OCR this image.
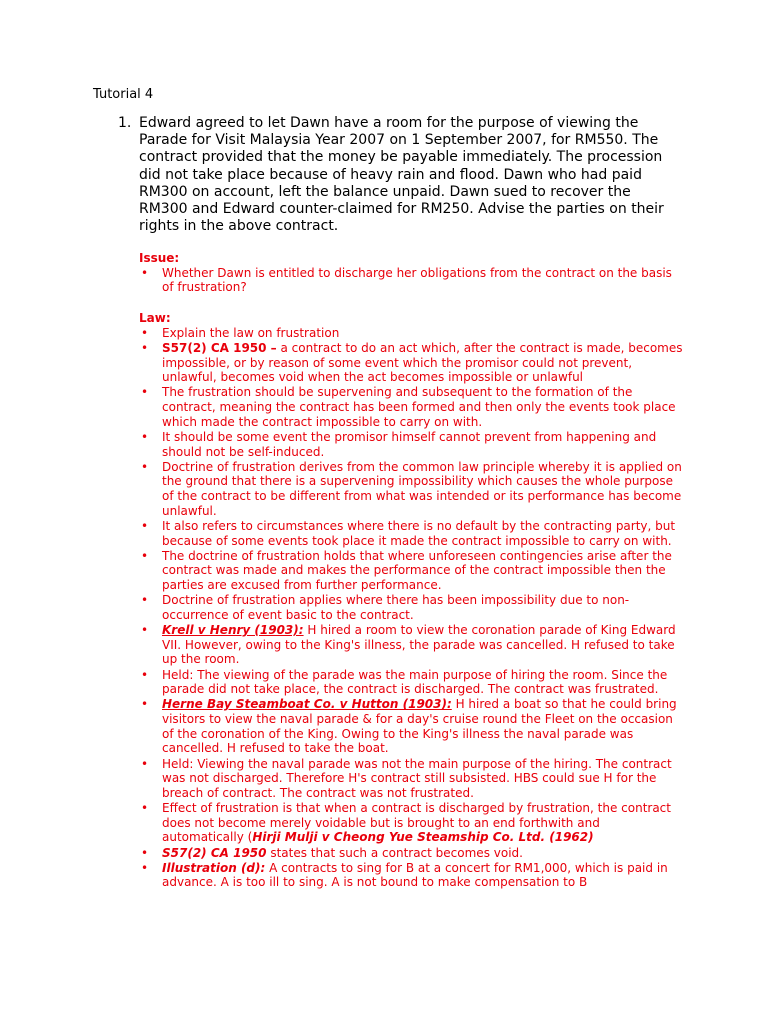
Tutorial 4
1. Edward agreed to let Dawn have a room for the purpose of viewing the Parade for Visit Malaysia Year 2007 on 1 September 2007, for RM550. The contract provided that the money be payable immediately. The procession did not take place because of heavy rain and flood. Dawn who had paid RM300 on account, left the balance unpaid. Dawn sued to recover the RM300 and Edward counter-claimed for RM250. Advise the parties on their rights in the above contract.

Issue:

• Whether Dawn is entitled to discharge her obligations from the contract on the basis of frustration?

Law:

• Explain the law on frustration
• S57(2) CA 1950 – a contract to do an act which, after the contract is made, becomes impossible, or by reason of some event which the promisor could not prevent, unlawful, becomes void when the act becomes impossible or unlawful
• The frustration should be supervening and subsequent to the formation of the contract, meaning the contract has been formed and then only the events took place which made the contract impossible to carry on with.
• It should be some event the promisor himself cannot prevent from happening and should not be self-induced.
• Doctrine of frustration derives from the common law principle whereby it is applied on the ground that there is a supervening impossibility which causes the whole purpose of the contract to be different from what was intended or its performance has become unlawful.
• It also refers to circumstances where there is no default by the contracting party, but because of some events took place it made the contract impossible to carry on with.
• The doctrine of frustration holds that where unforeseen contingencies arise after the contract was made and makes the performance of the contract impossible then the parties are excused from further performance.
• Doctrine of frustration applies where there has been impossibility due to non-occurrence of event basic to the contract.
• Krell v Henry (1903): H hired a room to view the coronation parade of King Edward VII. However, owing to the King's illness, the parade was cancelled. H refused to take up the room.
• Held: The viewing of the parade was the main purpose of hiring the room. Since the parade did not take place, the contract is discharged. The contract was frustrated.
• Herne Bay Steamboat Co. v Hutton (1903): H hired a boat so that he could bring visitors to view the naval parade & for a day's cruise round the Fleet on the occasion of the coronation of the King. Owing to the King's illness the naval parade was cancelled. H refused to take the boat.
• Held: Viewing the naval parade was not the main purpose of the hiring. The contract was not discharged. Therefore H's contract still subsisted. HBS could sue H for the breach of contract. The contract was not frustrated.
• Effect of frustration is that when a contract is discharged by frustration, the contract does not become merely voidable but is brought to an end forthwith and automatically (Hirji Mulji v Cheong Yue Steamship Co. Ltd. (1962)
• S57(2) CA 1950 states that such a contract becomes void.
• Illustration (d): A contracts to sing for B at a concert for RM1,000, which is paid in advance. A is too ill to sing. A is not bound to make compensation to B
